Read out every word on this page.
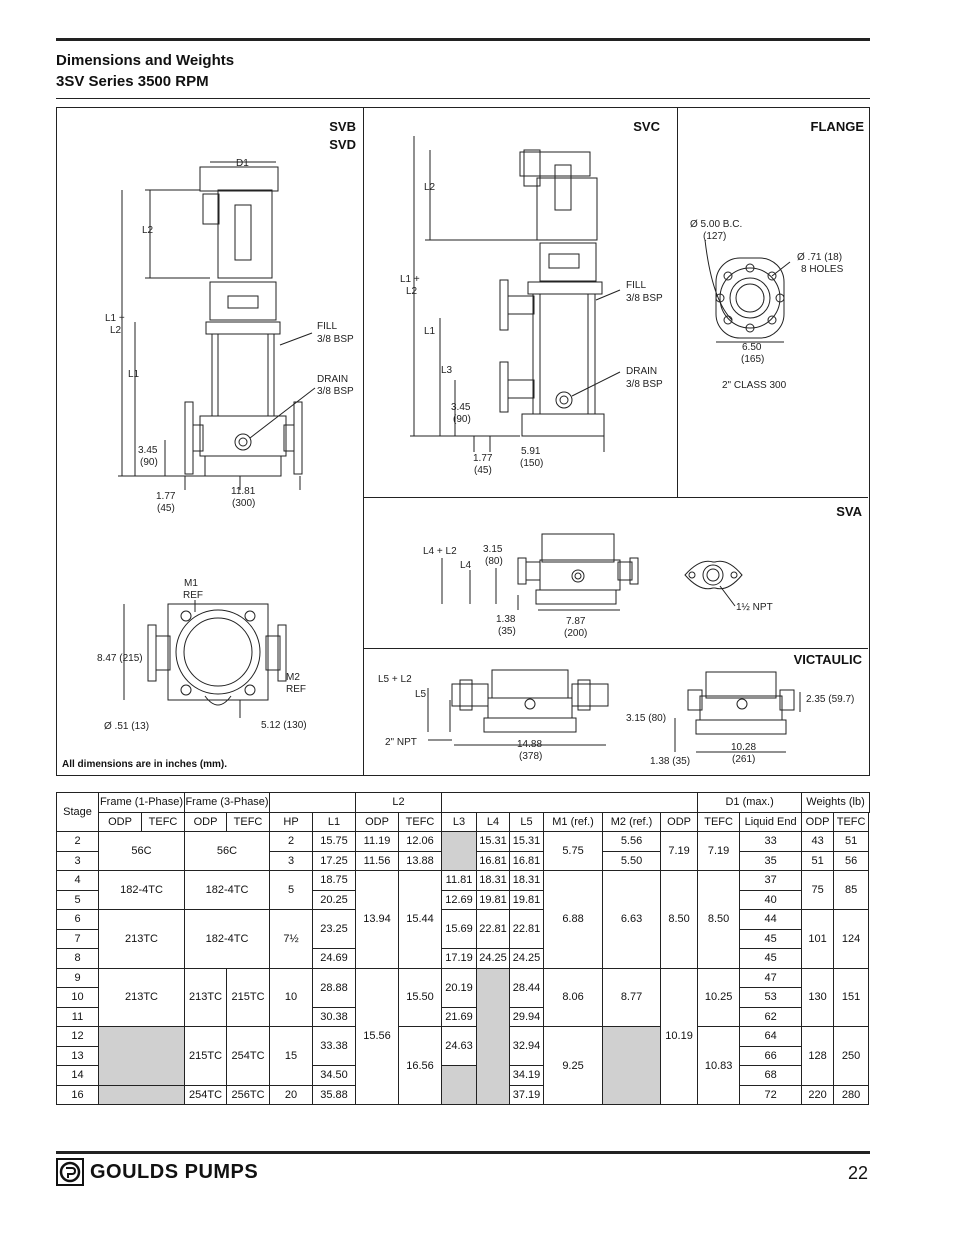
Dimensions and Weights
3SV Series 3500 RPM
SVB
SVD
SVC	FLANGE
SVA
VICTAULIC
D1
L2
L1 +
L2
L1
FILL
3/8 BSP
DRAIN
3/8 BSP
3.45
(90)
1.77
(45)
11.81
(300)
L2
L1 +
L2
L1
L3
FILL
3/8 BSP
DRAIN
3/8 BSP
3.45
(90)
1.77
(45)
5.91
(150)
Ø 5.00 B.C.
(127)
Ø .71 (18)
8 HOLES
6.50
(165)
2" CLASS 300
M1
REF
M2
REF
8.47 (215)
Ø .51 (13)	5.12 (130)
L4 + L2
L4
3.15
(80)
1.38
(35)
7.87
(200)
1½ NPT
L5 + L2
L5
2" NPT	14.88
(378)
3.15 (80)
1.38 (35)
10.28
(261)
2.35 (59.7)
All dimensions are in inches (mm).
Stage	Frame (1-Phase)		Frame (3-Phase)				L2								D1 (max.)		Weights (lb)	
	ODP	TEFC	ODP	TEFC	HP	L1	ODP	TEFC	L3	L4	L5	M1 (ref.)	M2 (ref.)	ODP	TEFC	Liquid End	ODP	TEFC
2	56C		56C		2	15.75	11.19	12.06		15.31	15.31	5.75	5.56	7.19	7.19	33	43	51
3					3	17.25	11.56	13.88		16.81	16.81		5.50			35	51	56
4	182-4TC		182-4TC		5	18.75	13.94	15.44	11.81	18.31	18.31	6.88	6.63	8.50	8.50	37	75	85
5						20.25			12.69	19.81	19.81					40		
6	213TC		182-4TC		7½	23.25			15.69	22.81	22.81					44	101	124
7																45		
8						24.69			17.19	24.25	24.25					45		
9	213TC		213TC	215TC	10	28.88	15.56	15.50	20.19		28.44	8.06	8.77	10.19	10.25	47	130	151
10																53		
11						30.38			21.69		29.94					62		
12			215TC	254TC	15	33.38		16.56	24.63		32.94	9.25			10.83	64	128	250
13																66		
14						34.50					34.19					68		
16			254TC	256TC	20	35.88					37.19					72	220	280
GOULDS PUMPS	22
